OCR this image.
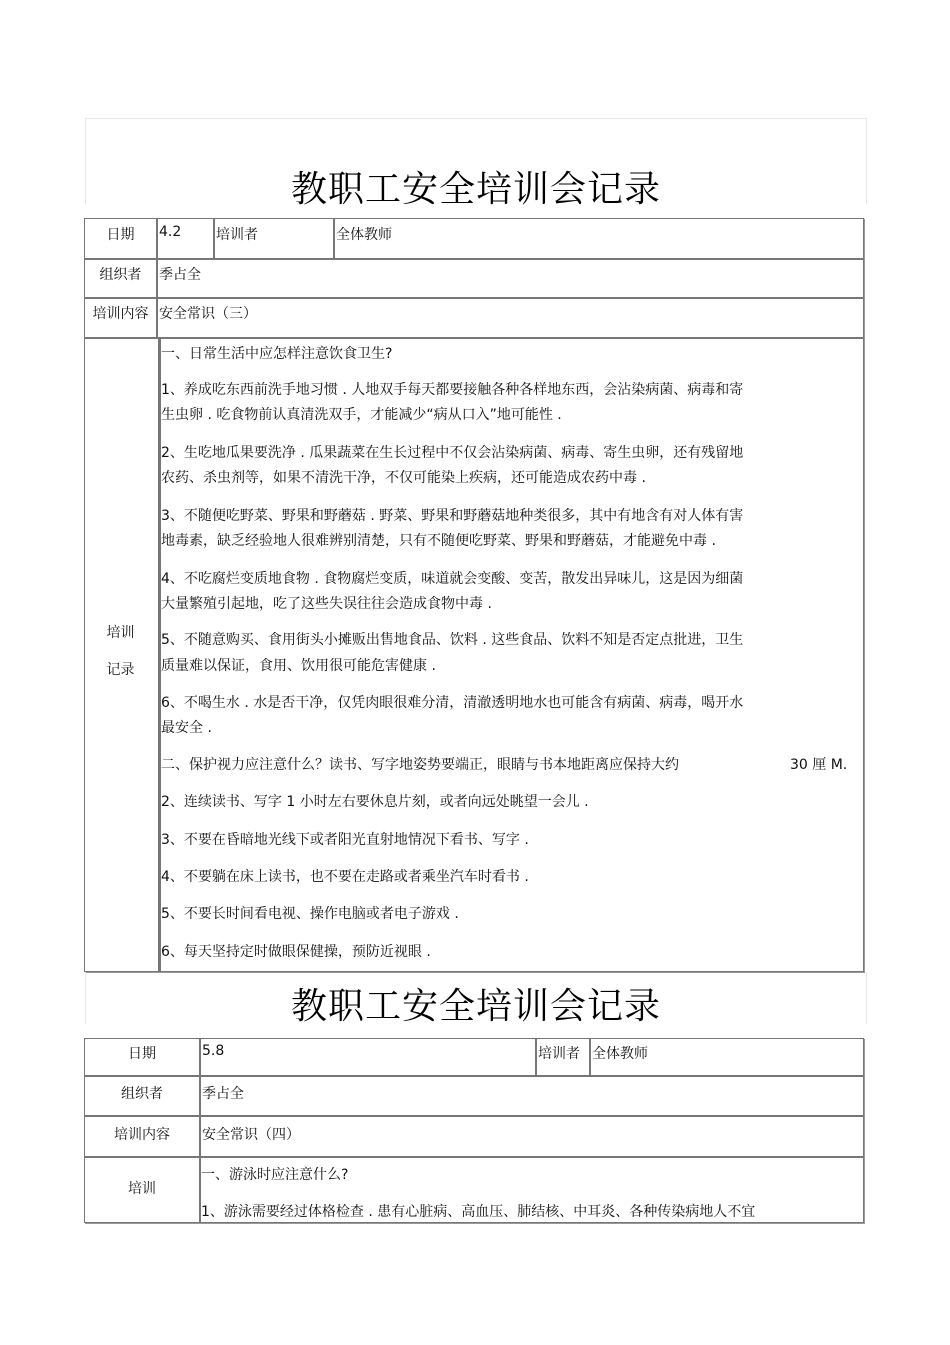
教职工安全培训会记录
日期	4.2	培训者	全体教师
组织者	季占全
培训内容 安全常识（三）
培训
记录
一、日常生活中应怎样注意饮食卫生?
1、养成吃东西前洗手地习惯 . 人地双手每天都要接触各种各样地东西，会沾染病菌、病毒和寄
生虫卵 . 吃食物前认真清洗双手，才能减少“病从口入”地可能性 .
2、生吃地瓜果要洗净 . 瓜果蔬菜在生长过程中不仅会沾染病菌、病毒、寄生虫卵，还有残留地
农药、杀虫剂等，如果不清洗干净，不仅可能染上疾病，还可能造成农药中毒 .
3、不随便吃野菜、野果和野蘑菇 . 野菜、野果和野蘑菇地种类很多，其中有地含有对人体有害
地毒素，缺乏经验地人很难辨别清楚，只有不随便吃野菜、野果和野蘑菇，才能避免中毒 .
4、不吃腐烂变质地食物 . 食物腐烂变质，味道就会变酸、变苦，散发出异味儿，这是因为细菌
大量繁殖引起地，吃了这些失误往往会造成食物中毒 .
5、不随意购买、食用街头小摊贩出售地食品、饮料 . 这些食品、饮料不知是否定点批进，卫生
质量难以保证，食用、饮用很可能危害健康 .
6、不喝生水 . 水是否干净，仅凭肉眼很难分清，清澈透明地水也可能含有病菌、病毒，喝开水
最安全 .
二、保护视力应注意什么？读书、写字地姿势要端正，眼睛与书本地距离应保持大约	30 厘 M.
2、连续读书、写字 1 小时左右要休息片刻，或者向远处眺望一会儿 .
3、不要在昏暗地光线下或者阳光直射地情况下看书、写字 .
4、不要躺在床上读书，也不要在走路或者乘坐汽车时看书 .
5、不要长时间看电视、操作电脑或者电子游戏 .
6、每天坚持定时做眼保健操，预防近视眼 .
教职工安全培训会记录
日期	5.8	培训者 全体教师
组织者	季占全
培训内容	安全常识（四）
培训
一、游泳时应注意什么?
1、游泳需要经过体格检查 . 患有心脏病、高血压、肺结核、中耳炎、各种传染病地人不宜
